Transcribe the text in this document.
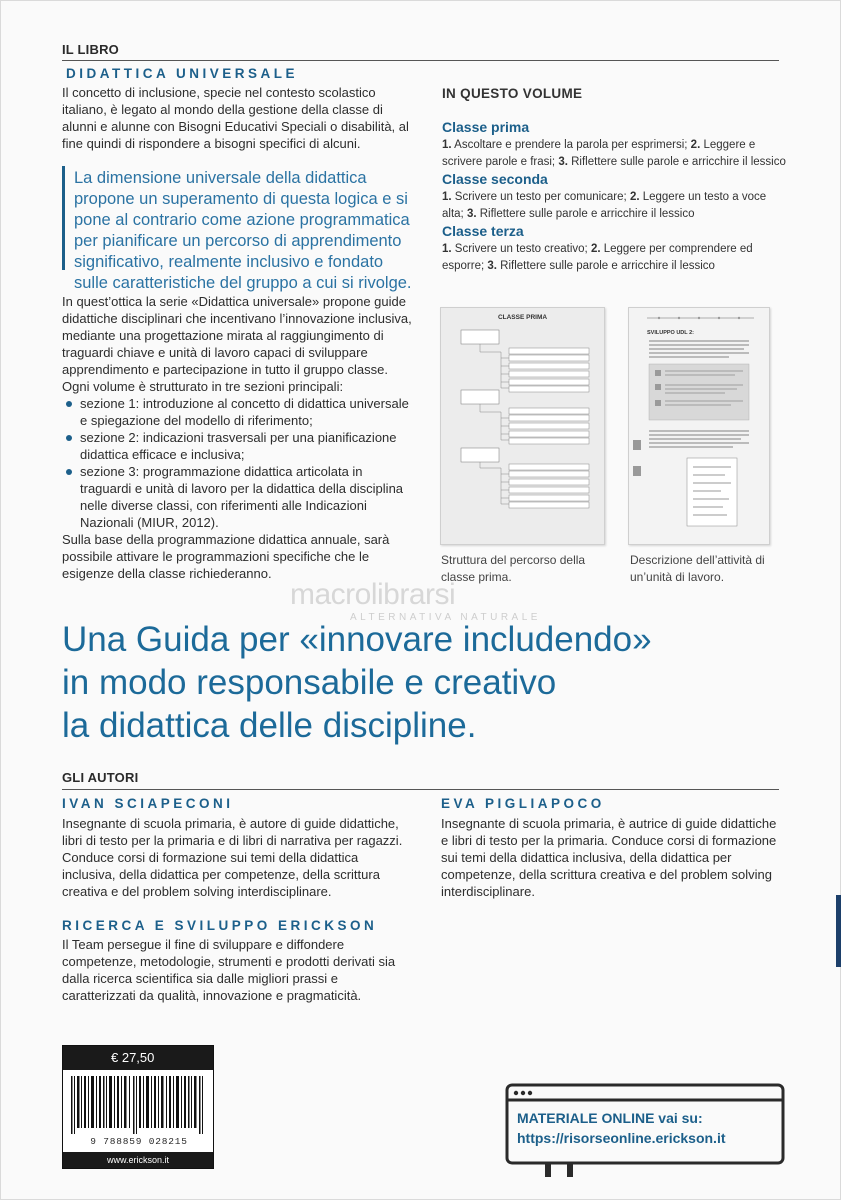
IL LIBRO
DIDATTICA UNIVERSALE

Il concetto di inclusione, specie nel contesto scolastico italiano, è legato al mondo della gestione della classe di alunni e alunne con Bisogni Educativi Speciali o disabilità, al fine quindi di rispondere a bisogni specifici di alcuni.

La dimensione universale della didattica propone un superamento di questa logica e si pone al contrario come azione programmatica per pianificare un percorso di apprendimento significativo, realmente inclusivo e fondato sulle caratteristiche del gruppo a cui si rivolge.

In quest’ottica la serie «Didattica universale» propone guide didattiche disciplinari che incentivano l’innovazione inclusiva, mediante una progettazione mirata al raggiungimento di traguardi chiave e unità di lavoro capaci di sviluppare apprendimento e partecipazione in tutto il gruppo classe. Ogni volume è strutturato in tre sezioni principali:

sezione 1: introduzione al concetto di didattica universale e spiegazione del modello di riferimento;
sezione 2: indicazioni trasversali per una pianificazione didattica efficace e inclusiva;
sezione 3: programmazione didattica articolata in traguardi e unità di lavoro per la didattica della disciplina nelle diverse classi, con riferimenti alle Indicazioni Nazionali (MIUR, 2012).

Sulla base della programmazione didattica annuale, sarà possibile attivare le programmazioni specifiche che le esigenze della classe richiederanno.

IN QUESTO VOLUME
Classe prima
1. Ascoltare e prendere la parola per esprimersi; 2. Leggere e scrivere parole e frasi; 3. Riflettere sulle parole e arricchire il lessico
Classe seconda
1. Scrivere un testo per comunicare; 2. Leggere un testo a voce alta; 3. Riflettere sulle parole e arricchire il lessico
Classe terza
1. Scrivere un testo creativo; 2. Leggere per comprendere ed esporre; 3. Riflettere sulle parole e arricchire il lessico
CLASSE PRIMA
SVILUPPO UDL 2:
Struttura del percorso della classe prima.
Descrizione dell’attività di un’unità di lavoro.
macrolibrarsi
ALTERNATIVA NATURALE
Una Guida per «innovare includendo»
in modo responsabile e creativo
la didattica delle discipline.
GLI AUTORI
IVAN SCIAPECONI
Insegnante di scuola primaria, è autore di guide didattiche, libri di testo per la primaria e di libri di narrativa per ragazzi. Conduce corsi di formazione sui temi della didattica inclusiva, della didattica per competenze, della scrittura creativa e del problem solving interdisciplinare.
EVA PIGLIAPOCO
Insegnante di scuola primaria, è autrice di guide didattiche e libri di testo per la primaria. Conduce corsi di formazione sui temi della didattica inclusiva, della didattica per competenze, della scrittura creativa e del problem solving interdisciplinare.
RICERCA E SVILUPPO ERICKSON
Il Team persegue il fine di sviluppare e diffondere competenze, metodologie, strumenti e prodotti derivati sia dalla ricerca scientifica sia dalle migliori prassi e caratterizzati da qualità, innovazione e pragmaticità.
€ 27,50
9 788859 028215
www.erickson.it
MATERIALE ONLINE vai su:
https://risorseonline.erickson.it
